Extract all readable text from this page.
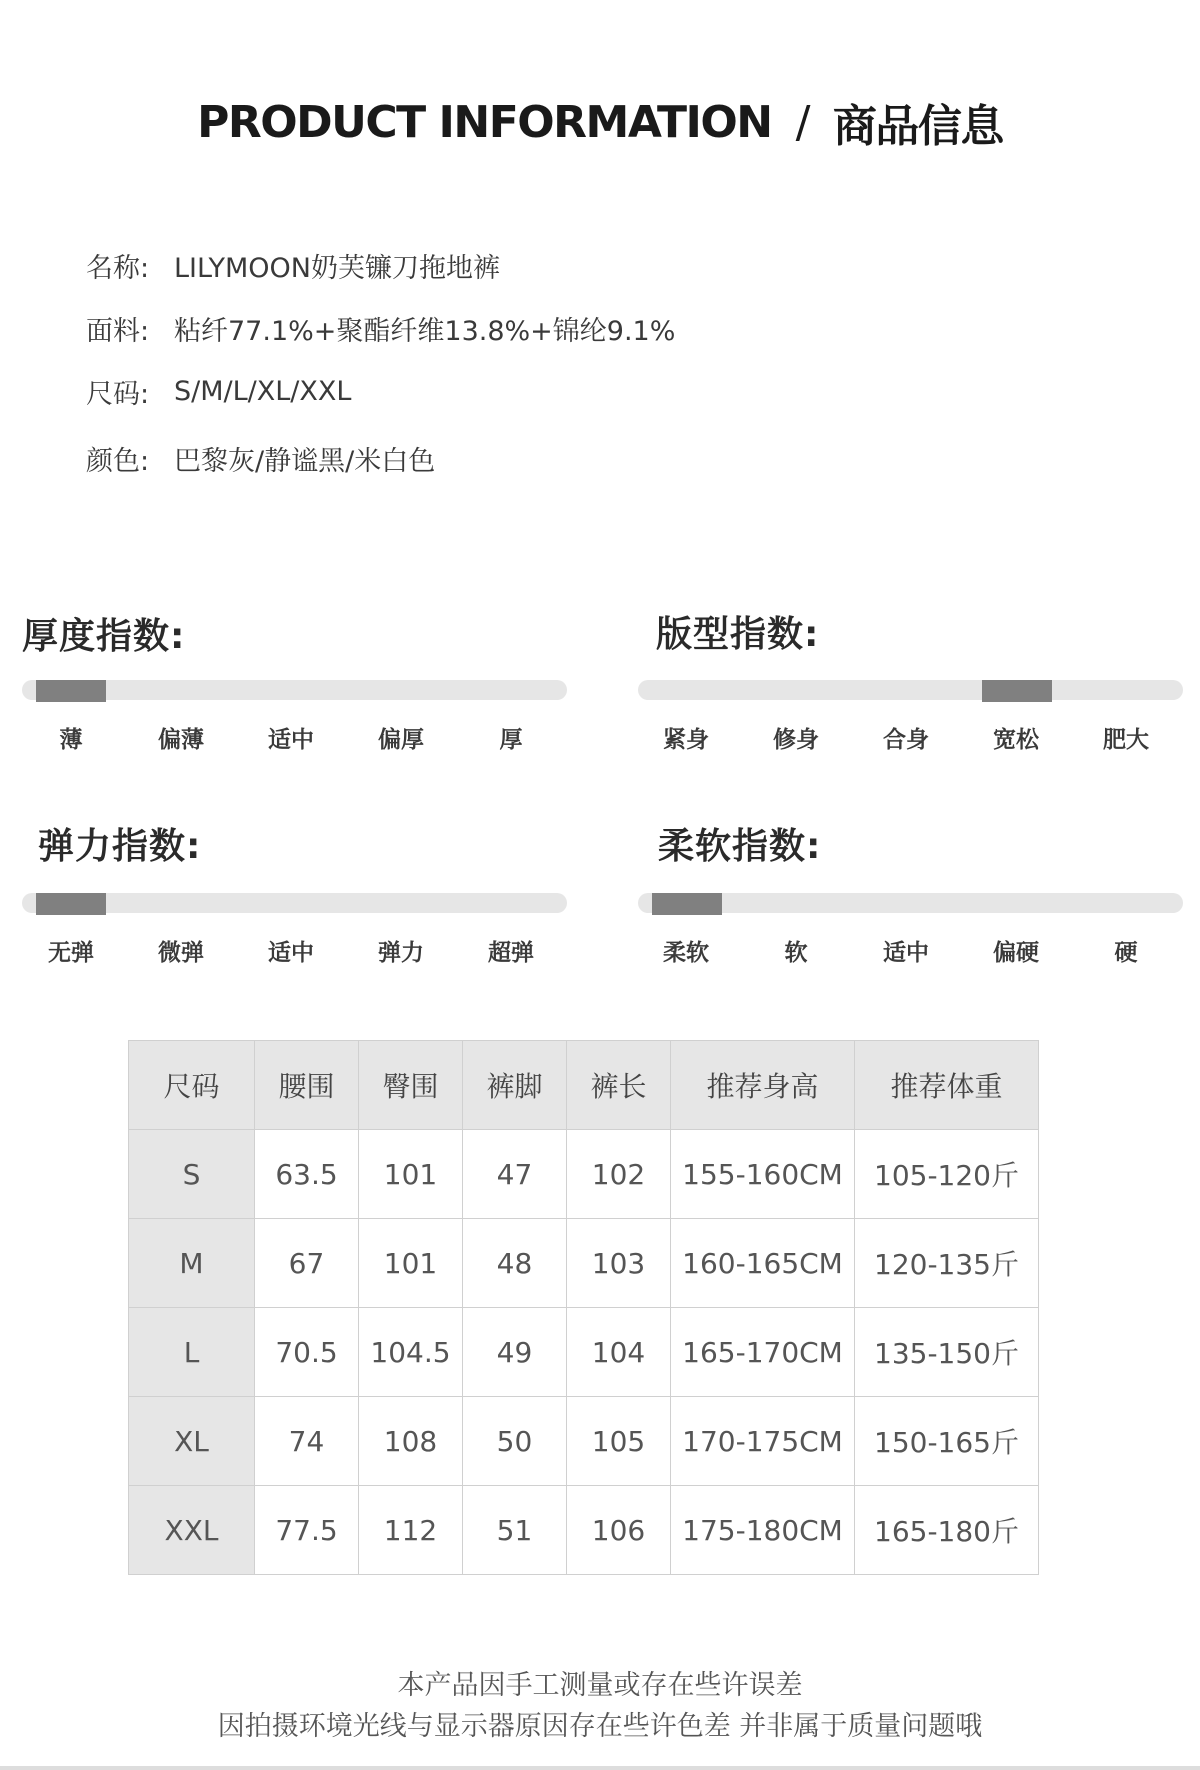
PRODUCT INFORMATION / 商品信息
名称: LILYMOON奶芙镰刀拖地裤
面料: 粘纤77.1%+聚酯纤维13.8%+锦纶9.1%
尺码: S/M/L/XL/XXL
颜色: 巴黎灰/静谧黑/米白色
厚度指数:
薄	偏薄	适中	偏厚	厚
版型指数:
紧身	修身	合身	宽松	肥大
弹力指数:
无弹	微弹	适中	弹力	超弹
柔软指数:
柔软	软	适中	偏硬	硬
尺码	腰围	臀围	裤脚	裤长	推荐身高	推荐体重
S	63.5	101	47	102	155-160CM	105-120斤
M	67	101	48	103	160-165CM	120-135斤
L	70.5	104.5	49	104	165-170CM	135-150斤
XL	74	108	50	105	170-175CM	150-165斤
XXL	77.5	112	51	106	175-180CM	165-180斤
本产品因手工测量或存在些许误差
因拍摄环境光线与显示器原因存在些许色差 并非属于质量问题哦
